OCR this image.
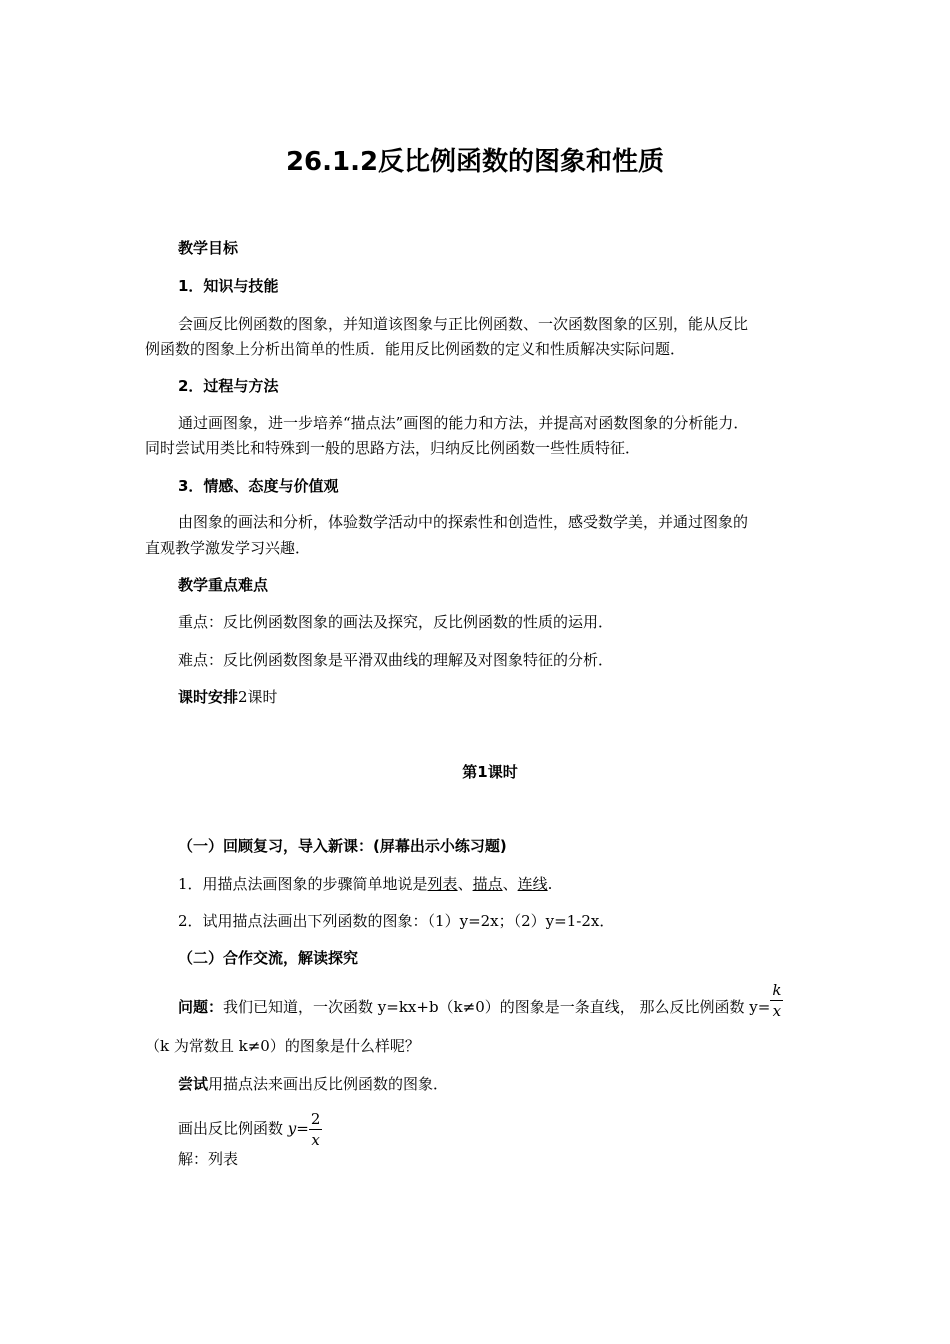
26.1.2反比例函数的图象和性质
教学目标
1．知识与技能
会画反比例函数的图象，并知道该图象与正比例函数、一次函数图象的区别，能从反比
例函数的图象上分析出简单的性质．能用反比例函数的定义和性质解决实际问题．
2．过程与方法
通过画图象，进一步培养“描点法”画图的能力和方法，并提高对函数图象的分析能力．
同时尝试用类比和特殊到一般的思路方法，归纳反比例函数一些性质特征．
3．情感、态度与价值观
由图象的画法和分析，体验数学活动中的探索性和创造性，感受数学美，并通过图象的
直观教学激发学习兴趣．
教学重点难点
重点：反比例函数图象的画法及探究，反比例函数的性质的运用．
难点：反比例函数图象是平滑双曲线的理解及对图象特征的分析．
课时安排2课时
第1课时
（一）回顾复习，导入新课：(屏幕出示小练习题)
1．用描点法画图象的步骤简单地说是列表、描点、连线.
2．试用描点法画出下列函数的图象：（1）y=2x；（2）y=1-2x．
（二）合作交流，解读探究
问题：我们已知道，一次函数 y=kx+b（k≠0）的图象是一条直线， 那么反比例函数 $y= \frac{k}{x}$
（k 为常数且 k≠0）的图象是什么样呢？
尝试用描点法来画出反比例函数的图象．
画出反比例函数 $y= \frac{2}{x}$
解：列表
